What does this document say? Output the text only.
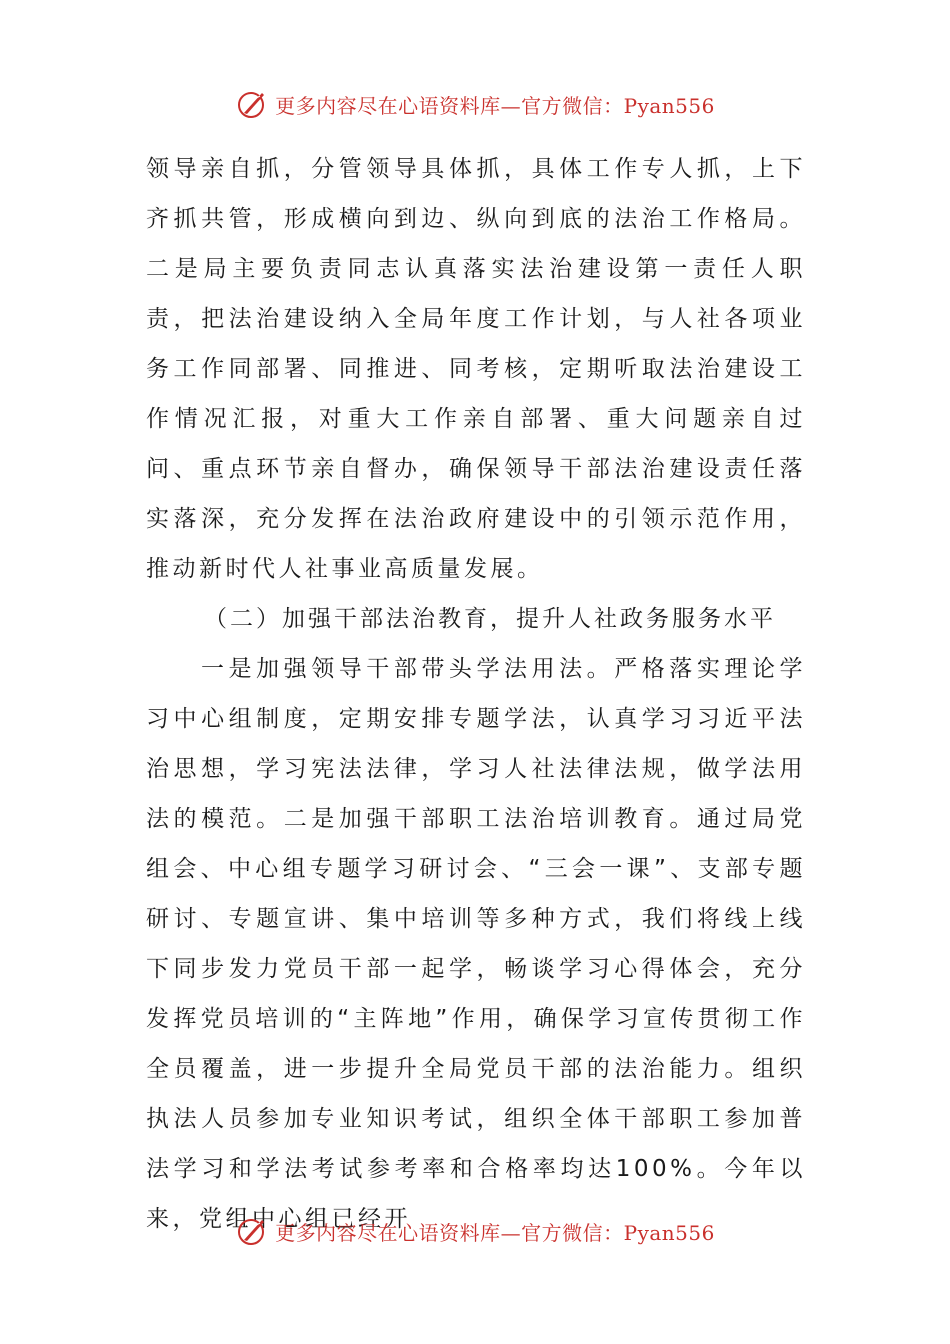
更多内容尽在心语资料库—官方微信：Pyan556

领导亲自抓，分管领导具体抓，具体工作专人抓，上下齐抓共管，形成横向到边、纵向到底的法治工作格局。二是局主要负责同志认真落实法治建设第一责任人职责，把法治建设纳入全局年度工作计划，与人社各项业务工作同部署、同推进、同考核，定期听取法治建设工作情况汇报，对重大工作亲自部署、重大问题亲自过问、重点环节亲自督办，确保领导干部法治建设责任落实落深，充分发挥在法治政府建设中的引领示范作用，推动新时代人社事业高质量发展。

（二）加强干部法治教育，提升人社政务服务水平

一是加强领导干部带头学法用法。严格落实理论学习中心组制度，定期安排专题学法，认真学习习近平法治思想，学习宪法法律，学习人社法律法规，做学法用法的模范。二是加强干部职工法治培训教育。通过局党组会、中心组专题学习研讨会、“三会一课”、支部专题研讨、专题宣讲、集中培训等多种方式，我们将线上线下同步发力党员干部一起学，畅谈学习心得体会，充分发挥党员培训的“主阵地”作用，确保学习宣传贯彻工作全员覆盖，进一步提升全局党员干部的法治能力。组织执法人员参加专业知识考试，组织全体干部职工参加普法学习和学法考试参考率和合格率均达100%。今年以来，党组中心组已经开

更多内容尽在心语资料库—官方微信：Pyan556
